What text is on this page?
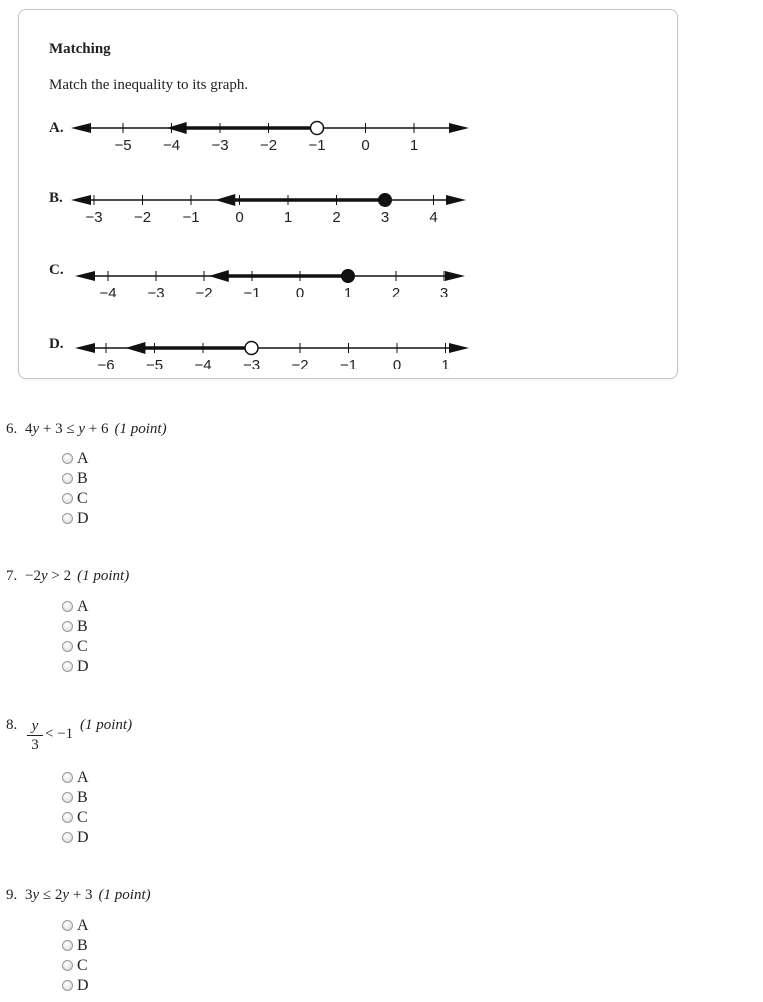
Matching
Match the inequality to its graph.
A.
−5 −4 −3 −2 −1 0	1
B.
−3 −2 −1 0	1	2	3	4
C.
−4 −3 −2 −1 0	1	2	3
D.
−6 −5 −4 −3 −2 −1 0	1
6. 4y + 3 ≤ y + 6 (1 point)
A
B
C
D
7. −2y > 2 (1 point)
A
B
C
D
8. y
3
< −1
(1 point)
A
B
C
D
9. 3y ≤ 2y + 3 (1 point)
A
B
C
D
